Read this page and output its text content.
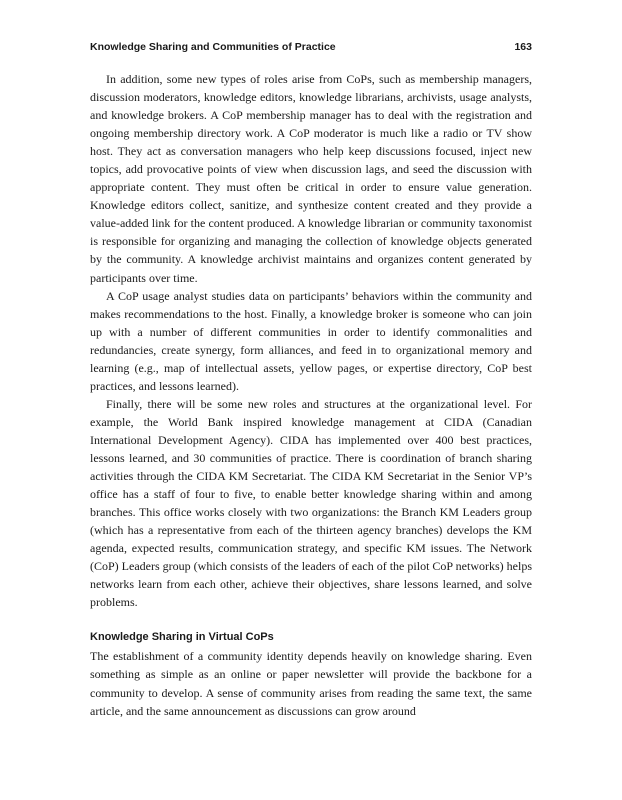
Knowledge Sharing and Communities of Practice	163

In addition, some new types of roles arise from CoPs, such as membership managers, discussion moderators, knowledge editors, knowledge librarians, archivists, usage analysts, and knowledge brokers. A CoP membership manager has to deal with the registration and ongoing membership directory work. A CoP moderator is much like a radio or TV show host. They act as conversation managers who help keep discussions focused, inject new topics, add provocative points of view when discussion lags, and seed the discussion with appropriate content. They must often be critical in order to ensure value generation. Knowledge editors collect, sanitize, and synthesize content created and they provide a value-added link for the content produced. A knowledge librarian or community taxonomist is responsible for organizing and managing the collection of knowledge objects generated by the community. A knowledge archivist maintains and organizes content generated by participants over time.

A CoP usage analyst studies data on participants’ behaviors within the community and makes recommendations to the host. Finally, a knowledge broker is someone who can join up with a number of different communities in order to identify commonalities and redundancies, create synergy, form alliances, and feed in to organizational memory and learning (e.g., map of intellectual assets, yellow pages, or expertise directory, CoP best practices, and lessons learned).

Finally, there will be some new roles and structures at the organizational level. For example, the World Bank inspired knowledge management at CIDA (Canadian International Development Agency). CIDA has implemented over 400 best practices, lessons learned, and 30 communities of practice. There is coordination of branch sharing activities through the CIDA KM Secretariat. The CIDA KM Secretariat in the Senior VP’s office has a staff of four to five, to enable better knowledge sharing within and among branches. This office works closely with two organizations: the Branch KM Leaders group (which has a representative from each of the thirteen agency branches) develops the KM agenda, expected results, communication strategy, and specific KM issues. The Network (CoP) Leaders group (which consists of the leaders of each of the pilot CoP networks) helps networks learn from each other, achieve their objectives, share lessons learned, and solve problems.

Knowledge Sharing in Virtual CoPs

The establishment of a community identity depends heavily on knowledge sharing. Even something as simple as an online or paper newsletter will provide the backbone for a community to develop. A sense of community arises from reading the same text, the same article, and the same announcement as discussions can grow around
